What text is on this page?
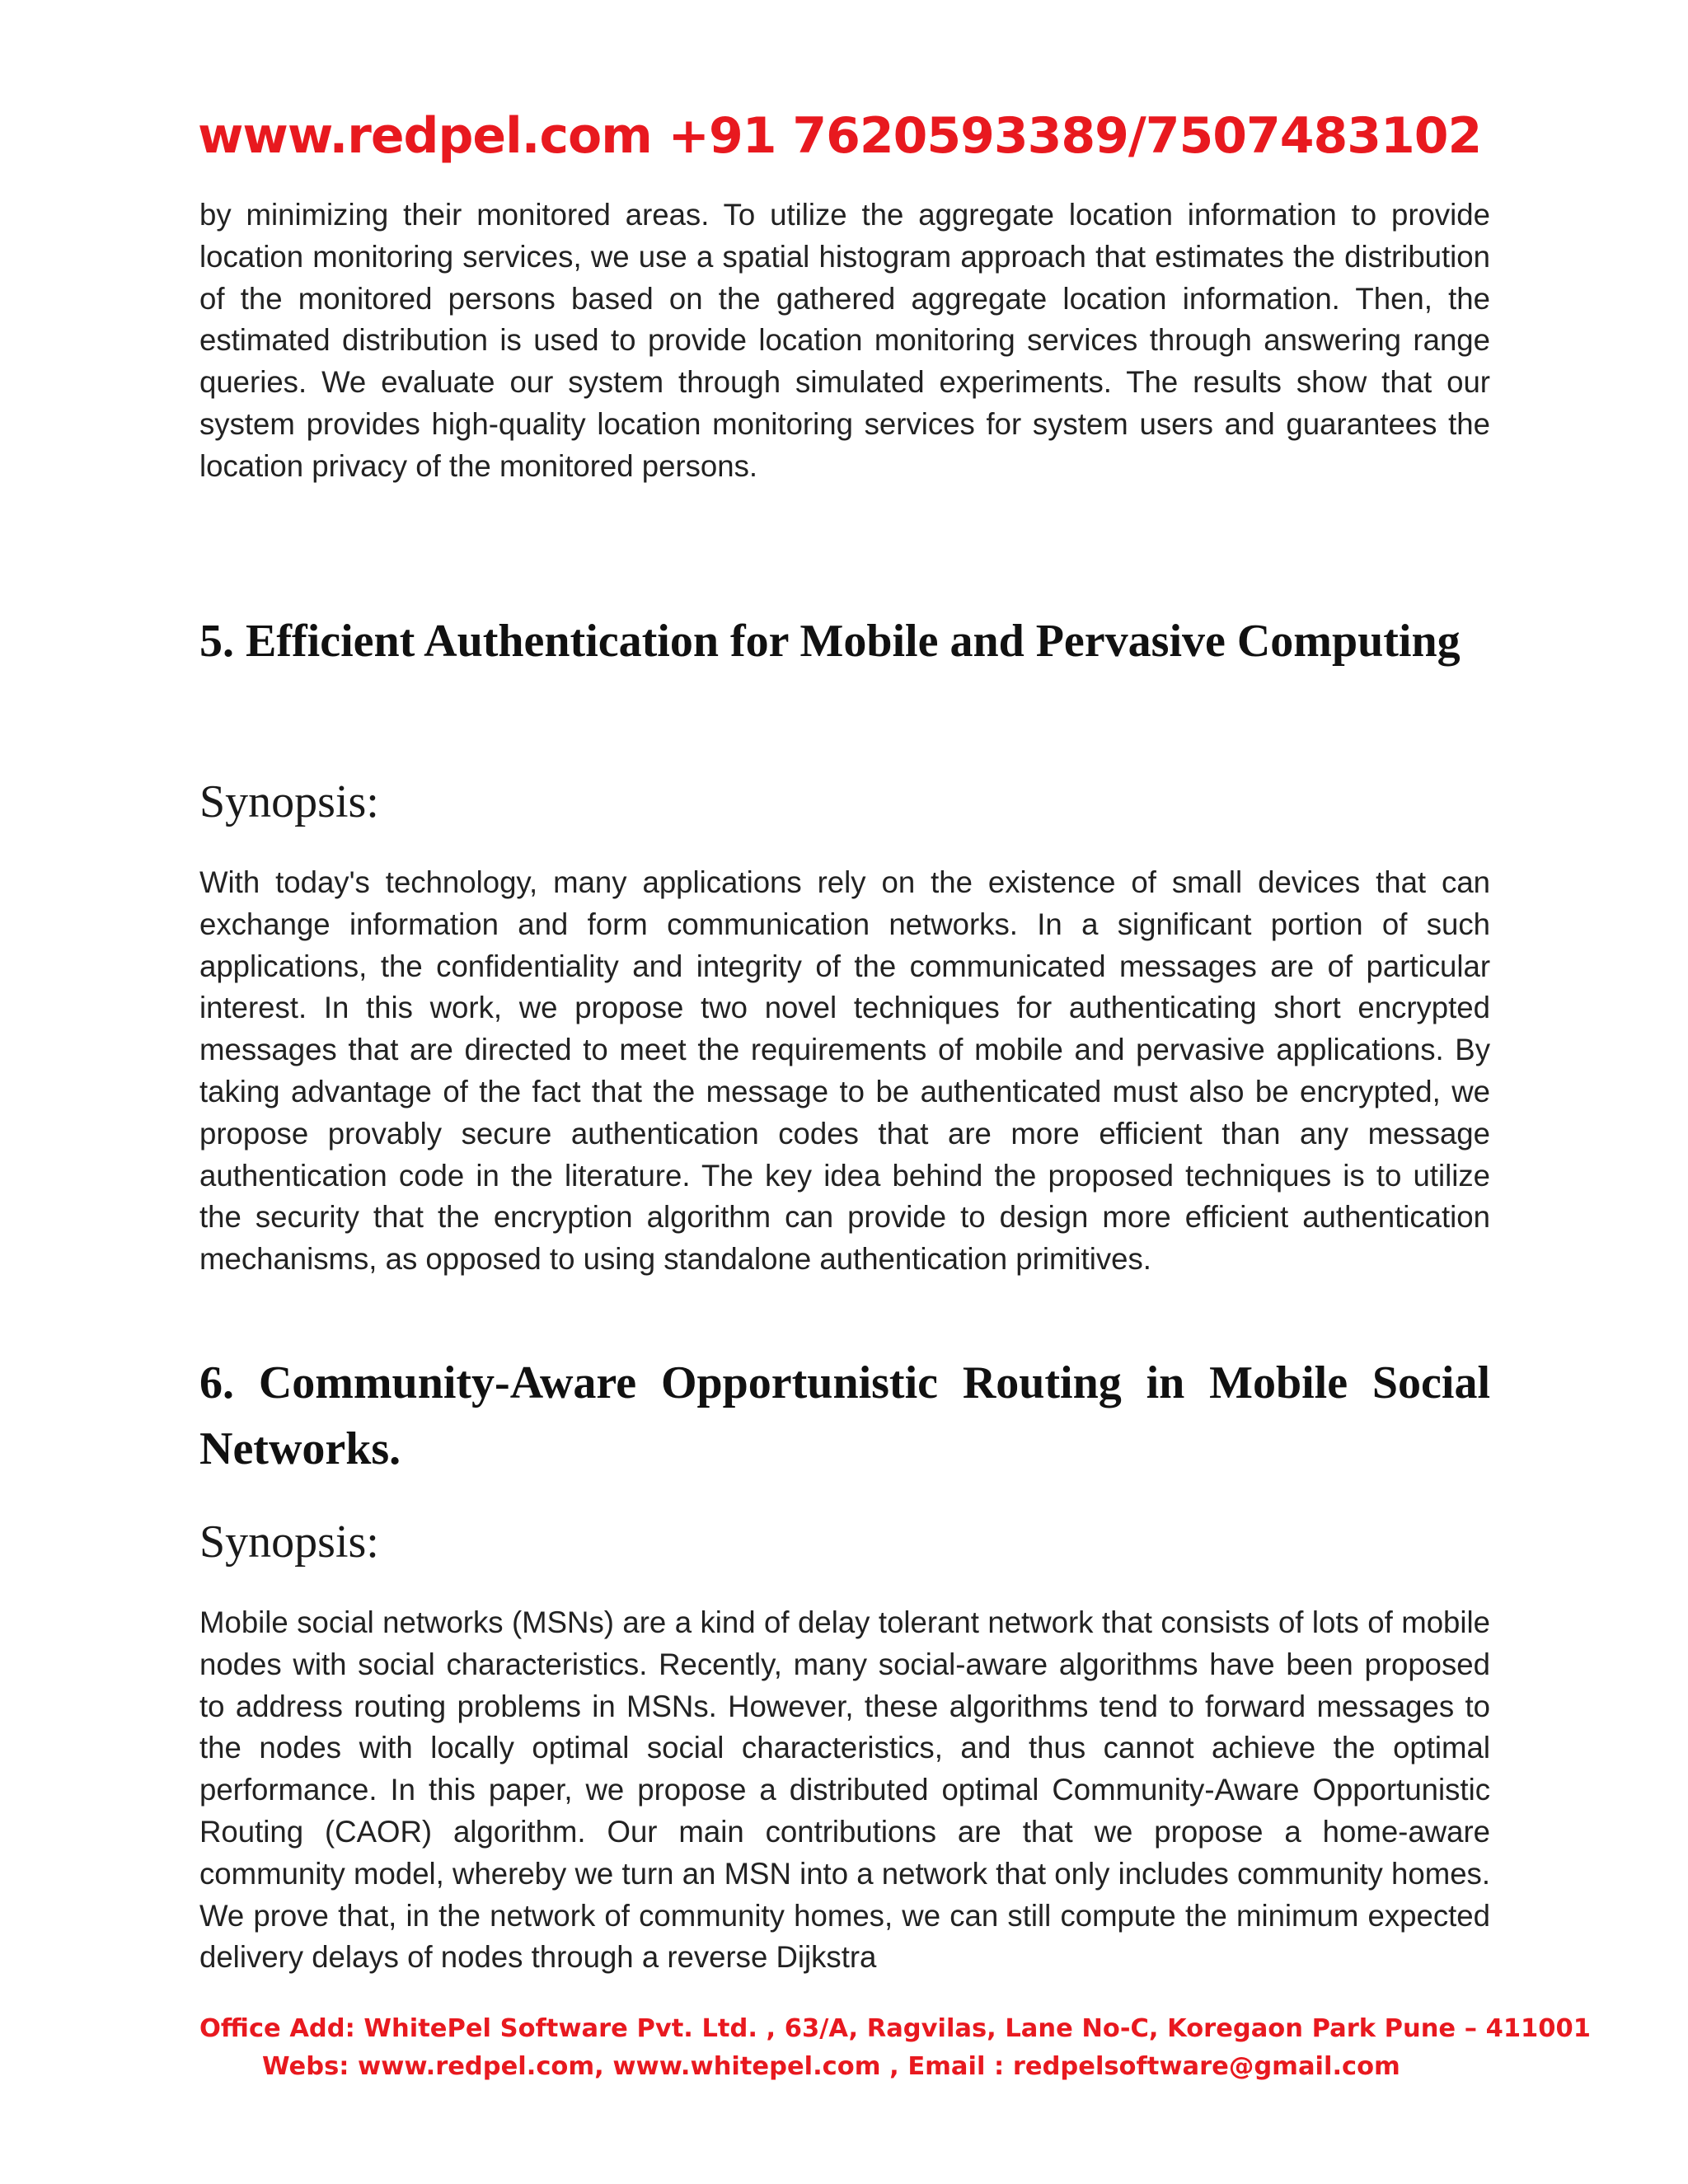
www.redpel.com +91 7620593389/7507483102

by minimizing their monitored areas. To utilize the aggregate location information to provide location monitoring services, we use a spatial histogram approach that estimates the distribution of the monitored persons based on the gathered aggregate location information. Then, the estimated distribution is used to provide location monitoring services through answering range queries. We evaluate our system through simulated experiments. The results show that our system provides high-quality location monitoring services for system users and guarantees the location privacy of the monitored persons.

5. Efficient Authentication for Mobile and Pervasive Computing
Synopsis:

With today's technology, many applications rely on the existence of small devices that can exchange information and form communication networks. In a significant portion of such applications, the confidentiality and integrity of the communicated messages are of particular interest. In this work, we propose two novel techniques for authenticating short encrypted messages that are directed to meet the requirements of mobile and pervasive applications. By taking advantage of the fact that the message to be authenticated must also be encrypted, we propose provably secure authentication codes that are more efficient than any message authentication code in the literature. The key idea behind the proposed techniques is to utilize the security that the encryption algorithm can provide to design more efficient authentication mechanisms, as opposed to using standalone authentication primitives.

6. Community-Aware Opportunistic Routing in Mobile Social Networks.
Synopsis:

Mobile social networks (MSNs) are a kind of delay tolerant network that consists of lots of mobile nodes with social characteristics. Recently, many social-aware algorithms have been proposed to address routing problems in MSNs. However, these algorithms tend to forward messages to the nodes with locally optimal social characteristics, and thus cannot achieve the optimal performance. In this paper, we propose a distributed optimal Community-Aware Opportunistic Routing (CAOR) algorithm. Our main contributions are that we propose a home-aware community model, whereby we turn an MSN into a network that only includes community homes. We prove that, in the network of community homes, we can still compute the minimum expected delivery delays of nodes through a reverse Dijkstra

Office Add: WhitePel Software Pvt. Ltd. , 63/A, Ragvilas, Lane No-C, Koregaon Park Pune – 411001
Webs: www.redpel.com, www.whitepel.com , Email : redpelsoftware@gmail.com
